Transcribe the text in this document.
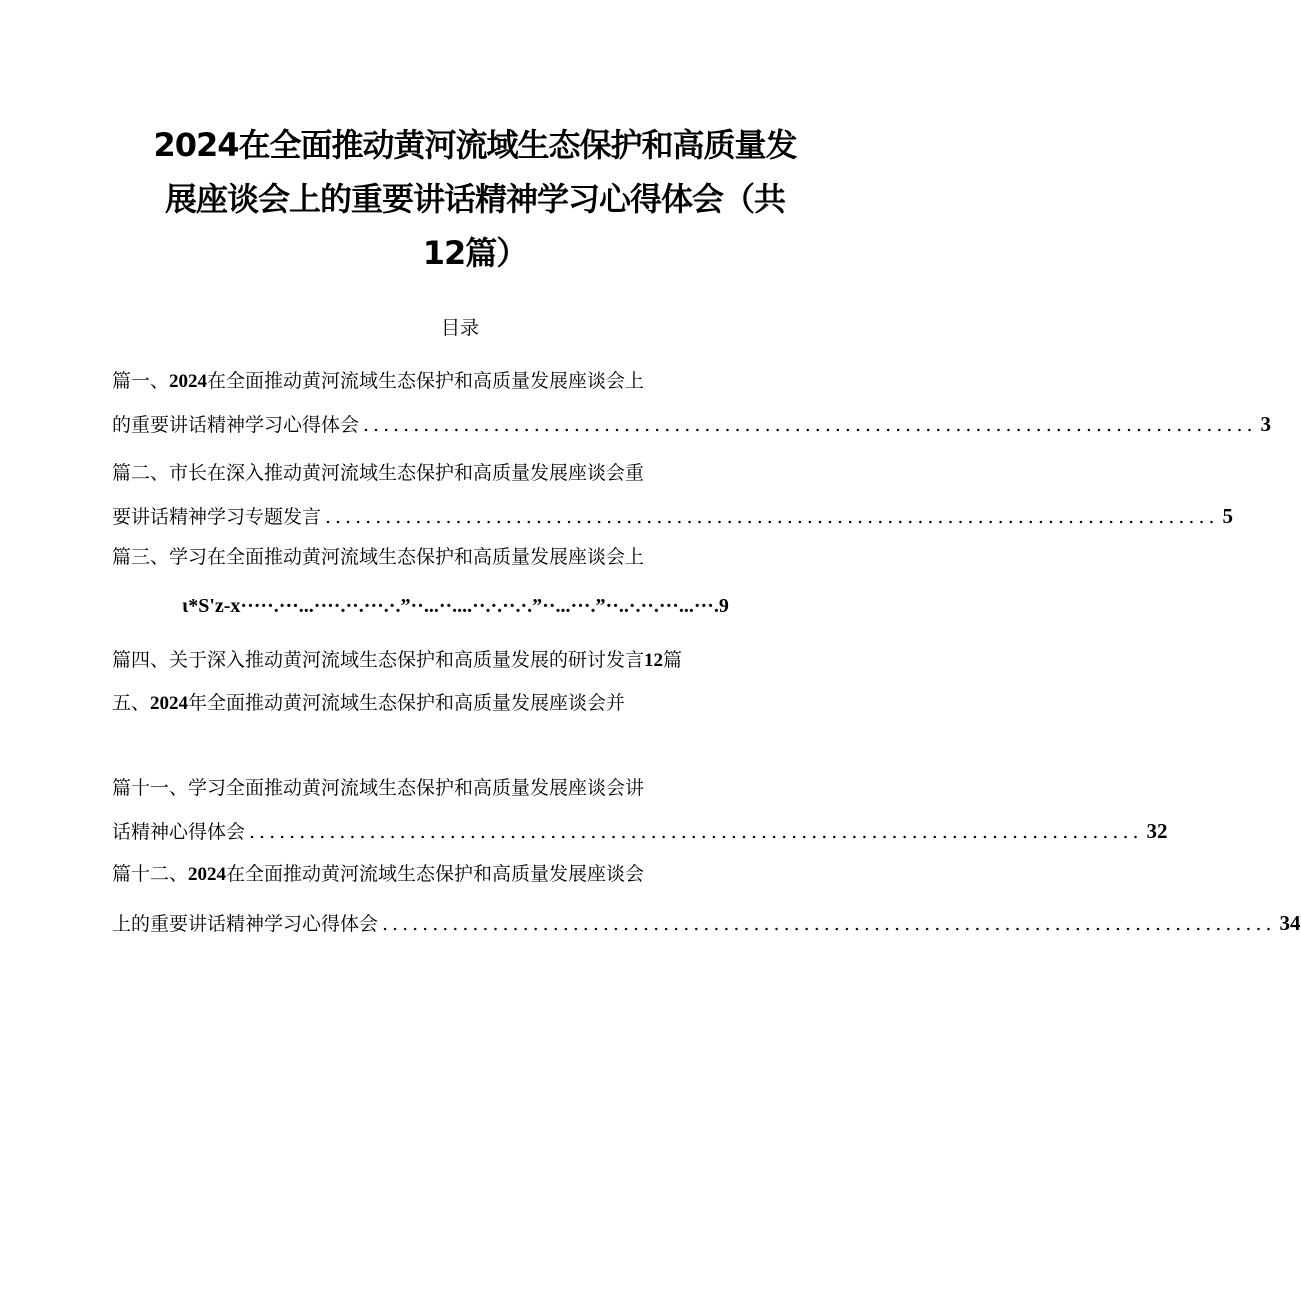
2024在全面推动黄河流域生态保护和高质量发
展座谈会上的重要讲话精神学习心得体会（共
12篇）
目录
篇一、2024在全面推动黄河流域生态保护和高质量发展座谈会上
的重要讲话精神学习心得体会 ......................................................................................... 3
篇二、市长在深入推动黄河流域生态保护和高质量发展座谈会重
要讲话精神学习专题发言 ......................................................................................... 5
篇三、学习在全面推动黄河流域生态保护和高质量发展座谈会上
ι*S'z-x·····.···...····.··.···.·.”··...··....··.·.··.·.”··...···.”··..·.··.···...···.9
篇四、关于深入推动黄河流域生态保护和高质量发展的研讨发言12篇
五、2024年全面推动黄河流域生态保护和高质量发展座谈会并
篇十一、学习全面推动黄河流域生态保护和高质量发展座谈会讲
话精神心得体会 ......................................................................................... 32
篇十二、2024在全面推动黄河流域生态保护和高质量发展座谈会
上的重要讲话精神学习心得体会 ......................................................................................... 34
